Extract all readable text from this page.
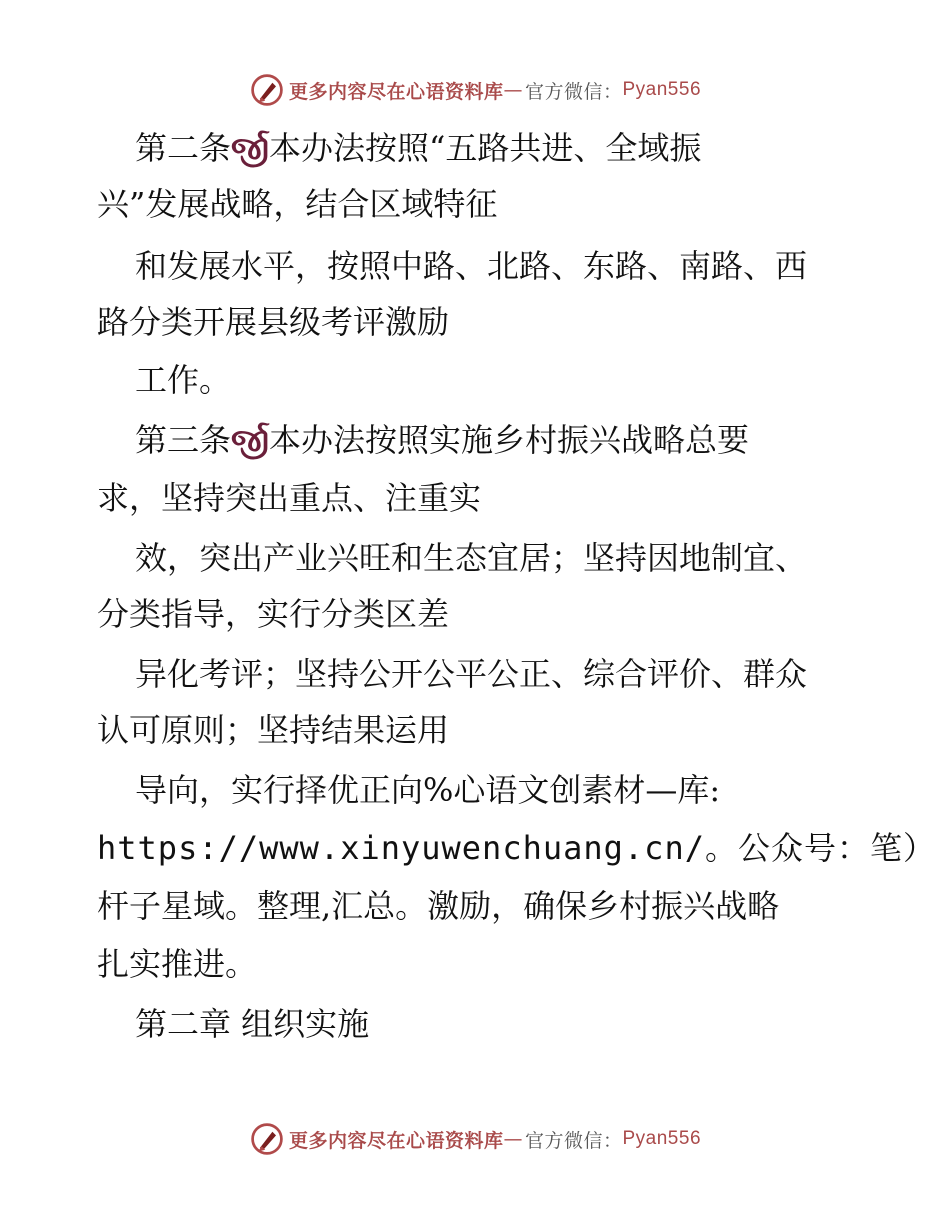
更多内容尽在心语资料库 — 官方微信： Pyan556
第二条ર્જી本办法按照“五路共进、全域振
兴”发展战略，结合区域特征
和发展水平，按照中路、北路、东路、南路、西
路分类开展县级考评激励
工作。
第三条ર્જી本办法按照实施乡村振兴战略总要
求，坚持突出重点、注重实
效，突出产业兴旺和生态宜居；坚持因地制宜、
分类指导，实行分类区差
异化考评；坚持公开公平公正、综合评价、群众
认可原则；坚持结果运用
导向，实行择优正向%心语文创素材—库:
https://www.xinyuwenchuang.cn/。公众号：笔）
杆子星域。整理,汇总。激励，确保乡村振兴战略
扎实推进。
第二章 组织实施
更多内容尽在心语资料库 — 官方微信： Pyan556
